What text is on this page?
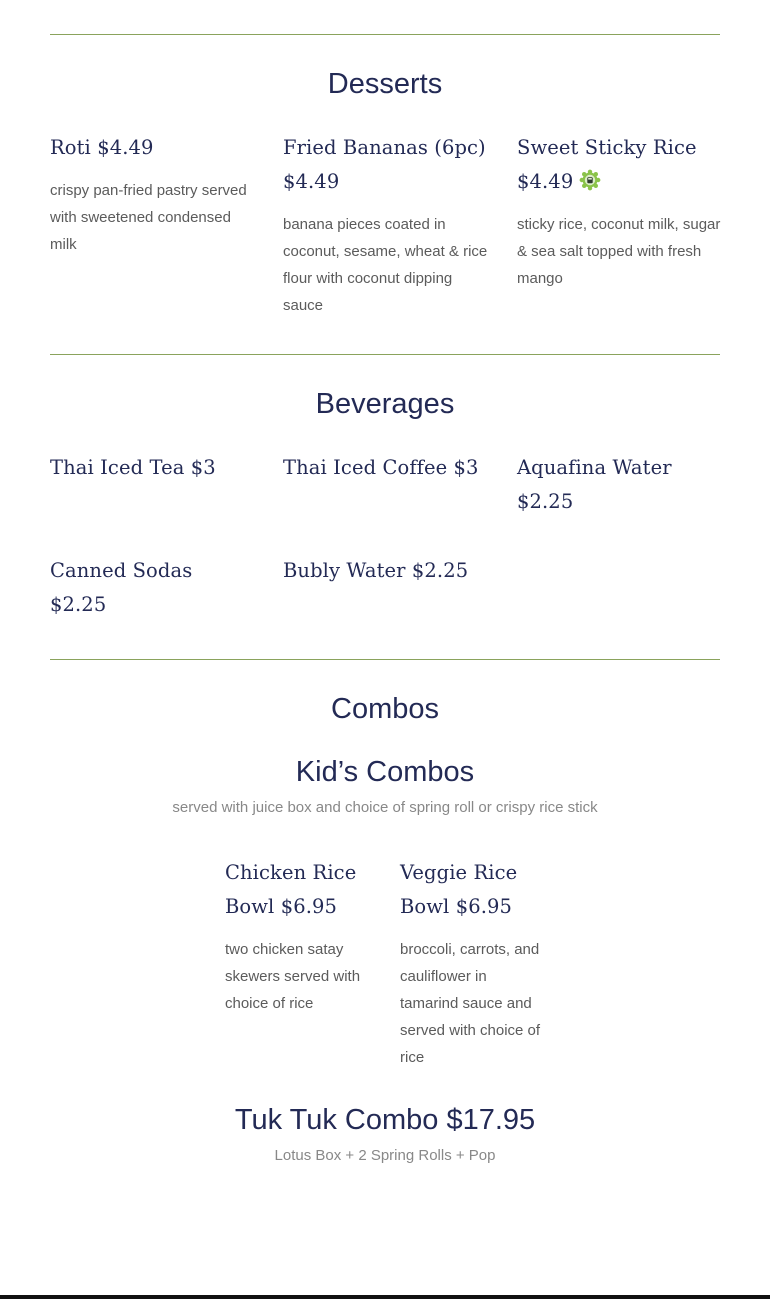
Desserts
Roti $4.49

crispy pan-fried pastry served with sweetened condensed milk

Fried Bananas (6pc) $4.49

banana pieces coated in coconut, sesame, wheat & rice flour with coconut dipping sauce

Sweet Sticky Rice $4.49

sticky rice, coconut milk, sugar & sea salt topped with fresh mango

Beverages
Thai Iced Tea $3	Thai Iced Coffee $3	Aquafina Water $2.25
Canned Sodas $2.25
Bubly Water $2.25
Combos
Kid’s Combos

served with juice box and choice of spring roll or crispy rice stick

Chicken Rice Bowl $6.95

two chicken satay skewers served with choice of rice

Veggie Rice Bowl $6.95

broccoli, carrots, and cauliflower in tamarind sauce and served with choice of rice

Tuk Tuk Combo $17.95

Lotus Box + 2 Spring Rolls + Pop
